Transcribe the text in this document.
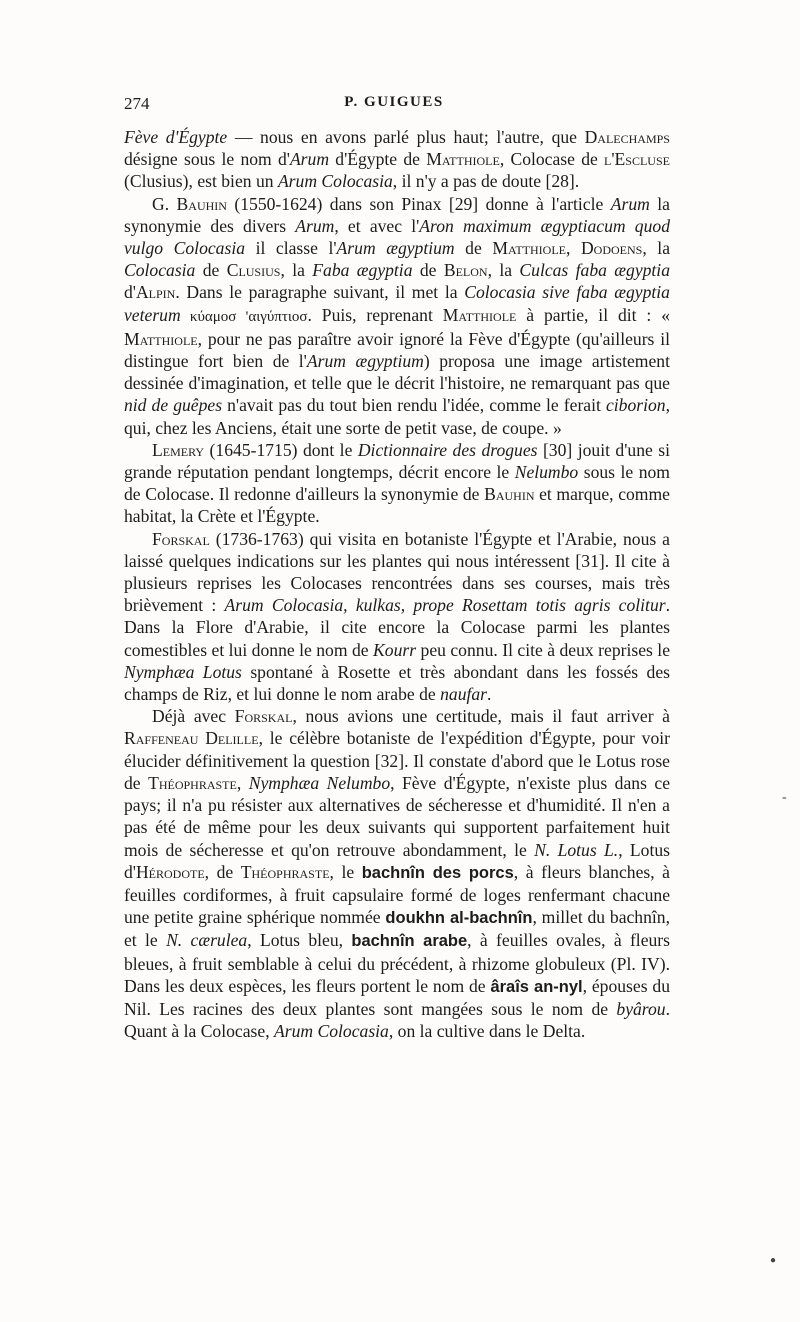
274	P. GUIGUES

Fève d'Égypte — nous en avons parlé plus haut; l'autre, que Dalechamps désigne sous le nom d'Arum d'Égypte de Matthiole, Colocase de l'Escluse (Clusius), est bien un Arum Colocasia, il n'y a pas de doute [28].

G. Bauhin (1550-1624) dans son Pinax [29] donne à l'article Arum la synonymie des divers Arum, et avec l'Aron maximum ægyptiacum quod vulgo Colocasia il classe l'Arum ægyptium de Matthiole, Dodoens, la Colocasia de Clusius, la Faba ægyptia de Belon, la Culcas faba ægyptia d'Alpin. Dans le paragraphe suivant, il met la Colocasia sive faba ægyptia veterum κύαμοσ 'αιγύπτιοσ. Puis, reprenant Matthiole à partie, il dit : « Matthiole, pour ne pas paraître avoir ignoré la Fève d'Égypte (qu'ailleurs il distingue fort bien de l'Arum ægyptium) proposa une image artistement dessinée d'imagination, et telle que le décrit l'histoire, ne remarquant pas que nid de guêpes n'avait pas du tout bien rendu l'idée, comme le ferait ciborion, qui, chez les Anciens, était une sorte de petit vase, de coupe. »

Lemery (1645-1715) dont le Dictionnaire des drogues [30] jouit d'une si grande réputation pendant longtemps, décrit encore le Nelumbo sous le nom de Colocase. Il redonne d'ailleurs la synonymie de Bauhin et marque, comme habitat, la Crète et l'Égypte.

Forskal (1736-1763) qui visita en botaniste l'Égypte et l'Arabie, nous a laissé quelques indications sur les plantes qui nous intéressent [31]. Il cite à plusieurs reprises les Colocases rencontrées dans ses courses, mais très brièvement : Arum Colocasia, kulkas, prope Rosettam totis agris colitur. Dans la Flore d'Arabie, il cite encore la Colocase parmi les plantes comestibles et lui donne le nom de Kourr peu connu. Il cite à deux reprises le Nymphæa Lotus spontané à Rosette et très abondant dans les fossés des champs de Riz, et lui donne le nom arabe de naufar.

Déjà avec Forskal, nous avions une certitude, mais il faut arriver à Raffeneau Delille, le célèbre botaniste de l'expédition d'Égypte, pour voir élucider définitivement la question [32]. Il constate d'abord que le Lotus rose de Théophraste, Nymphæa Nelumbo, Fève d'Égypte, n'existe plus dans ce pays; il n'a pu résister aux alternatives de sécheresse et d'humidité. Il n'en a pas été de même pour les deux suivants qui supportent parfaitement huit mois de sécheresse et qu'on retrouve abondamment, le N. Lotus L., Lotus d'Hérodote, de Théophraste, le bachnîn des porcs, à fleurs blanches, à feuilles cordiformes, à fruit capsulaire formé de loges renfermant chacune une petite graine sphérique nommée doukhn al-bachnîn, millet du bachnîn, et le N. cærulea, Lotus bleu, bachnîn arabe, à feuilles ovales, à fleurs bleues, à fruit semblable à celui du précédent, à rhizome globuleux (Pl. IV). Dans les deux espèces, les fleurs portent le nom de âraîs an-nyl, épouses du Nil. Les racines des deux plantes sont mangées sous le nom de byârou. Quant à la Colocase, Arum Colocasia, on la cultive dans le Delta.

-
●
